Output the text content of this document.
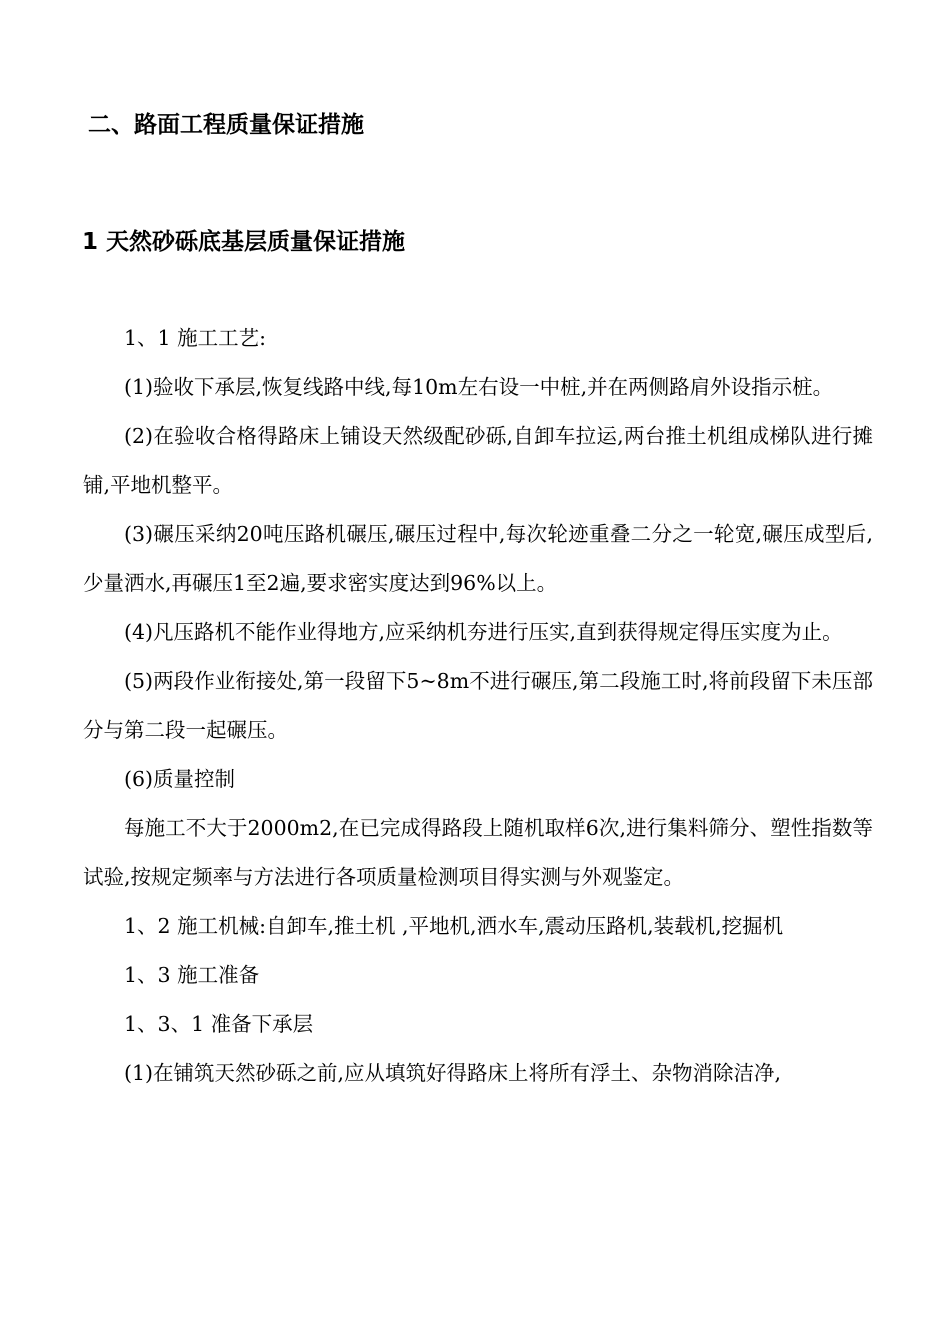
二、路面工程质量保证措施
1 天然砂砾底基层质量保证措施

1、1 施工工艺:

(1)验收下承层,恢复线路中线,每10m左右设一中桩,并在两侧路肩外设指示桩。

(2)在验收合格得路床上铺设天然级配砂砾,自卸车拉运,两台推土机组成梯队进行摊铺,平地机整平。

(3)碾压采纳20吨压路机碾压,碾压过程中,每次轮迹重叠二分之一轮宽,碾压成型后,少量洒水,再碾压1至2遍,要求密实度达到96%以上。

(4)凡压路机不能作业得地方,应采纳机夯进行压实,直到获得规定得压实度为止。

(5)两段作业衔接处,第一段留下5~8m不进行碾压,第二段施工时,将前段留下未压部分与第二段一起碾压。

(6)质量控制

每施工不大于2000m2,在已完成得路段上随机取样6次,进行集料筛分、塑性指数等试验,按规定频率与方法进行各项质量检测项目得实测与外观鉴定。

1、2 施工机械:自卸车,推土机 ,平地机,洒水车,震动压路机,装载机,挖掘机

1、3 施工准备

1、3、1 准备下承层

(1)在铺筑天然砂砾之前,应从填筑好得路床上将所有浮土、杂物消除洁净,
